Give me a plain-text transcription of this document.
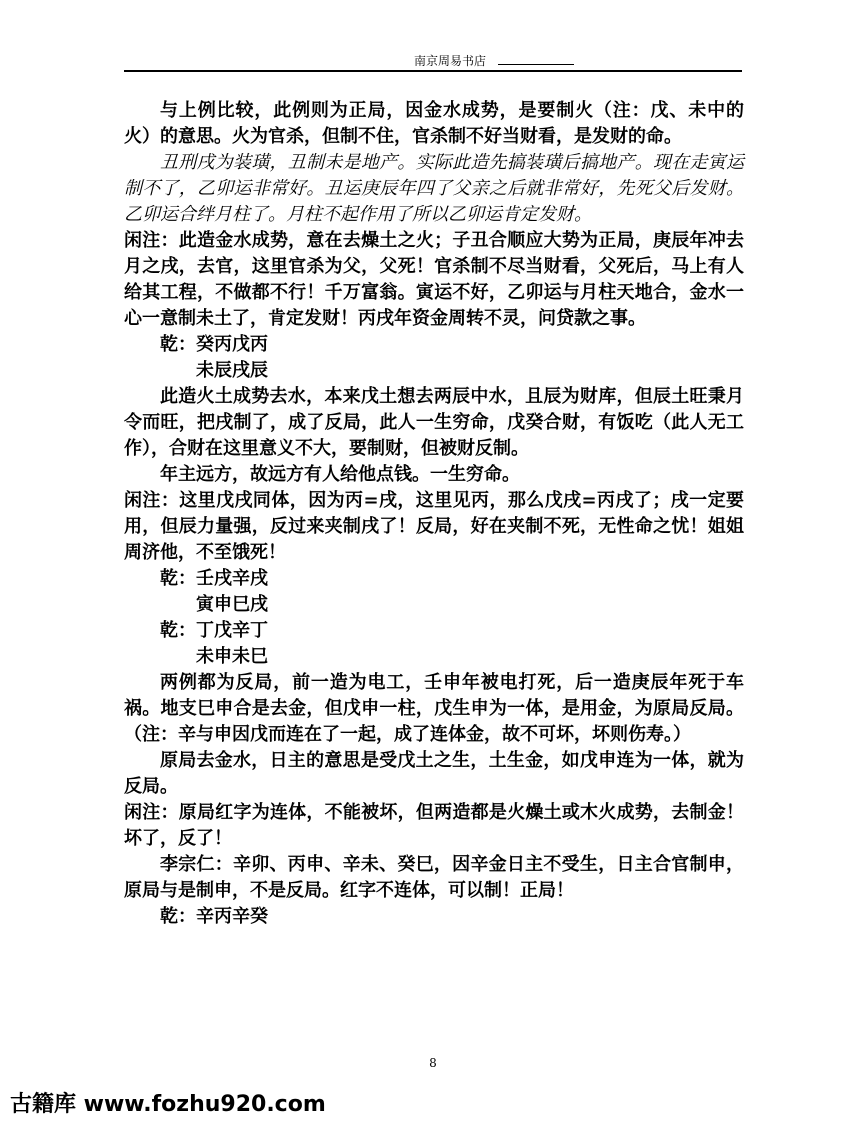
南京周易书店

与上例比较，此例则为正局，因金水成势，是要制火（注：戊、未中的火）的意思。火为官杀，但制不住，官杀制不好当财看，是发财的命。

丑刑戌为装璜，丑制未是地产。实际此造先搞装璜后搞地产。现在走寅运制不了，乙卯运非常好。丑运庚辰年四了父亲之后就非常好，先死父后发财。乙卯运合绊月柱了。月柱不起作用了所以乙卯运肯定发财。

闲注：此造金水成势，意在去燥土之火；子丑合顺应大势为正局，庚辰年冲去月之戌，去官，这里官杀为父，父死！官杀制不尽当财看，父死后，马上有人给其工程，不做都不行！千万富翁。寅运不好，乙卯运与月柱天地合，金水一心一意制未土了，肯定发财！丙戌年资金周转不灵，问贷款之事。

乾：癸丙戊丙

未辰戌辰

此造火土成势去水，本来戊土想去两辰中水，且辰为财库，但辰土旺秉月令而旺，把戌制了，成了反局，此人一生穷命，戊癸合财，有饭吃（此人无工作），合财在这里意义不大，要制财，但被财反制。

年主远方，故远方有人给他点钱。一生穷命。

闲注：这里戊戌同体，因为丙=戌，这里见丙，那么戊戌=丙戌了；戌一定要用，但辰力量强，反过来夹制戌了！反局，好在夹制不死，无性命之忧！姐姐周济他，不至饿死！

乾：壬戌辛戌

寅申巳戌

乾：丁戊辛丁

未申未巳

两例都为反局，前一造为电工，壬申年被电打死，后一造庚辰年死于车祸。地支巳申合是去金，但戊申一柱，戊生申为一体，是用金，为原局反局。（注：辛与申因戊而连在了一起，成了连体金，故不可坏，坏则伤寿。）

原局去金水，日主的意思是受戊土之生，土生金，如戊申连为一体，就为反局。

闲注：原局红字为连体，不能被坏，但两造都是火燥土或木火成势，去制金！坏了，反了！

李宗仁：辛卯、丙申、辛未、癸巳，因辛金日主不受生，日主合官制申，原局与是制申，不是反局。红字不连体，可以制！正局！

乾：辛丙辛癸

8
古籍库 www.fozhu920.com
